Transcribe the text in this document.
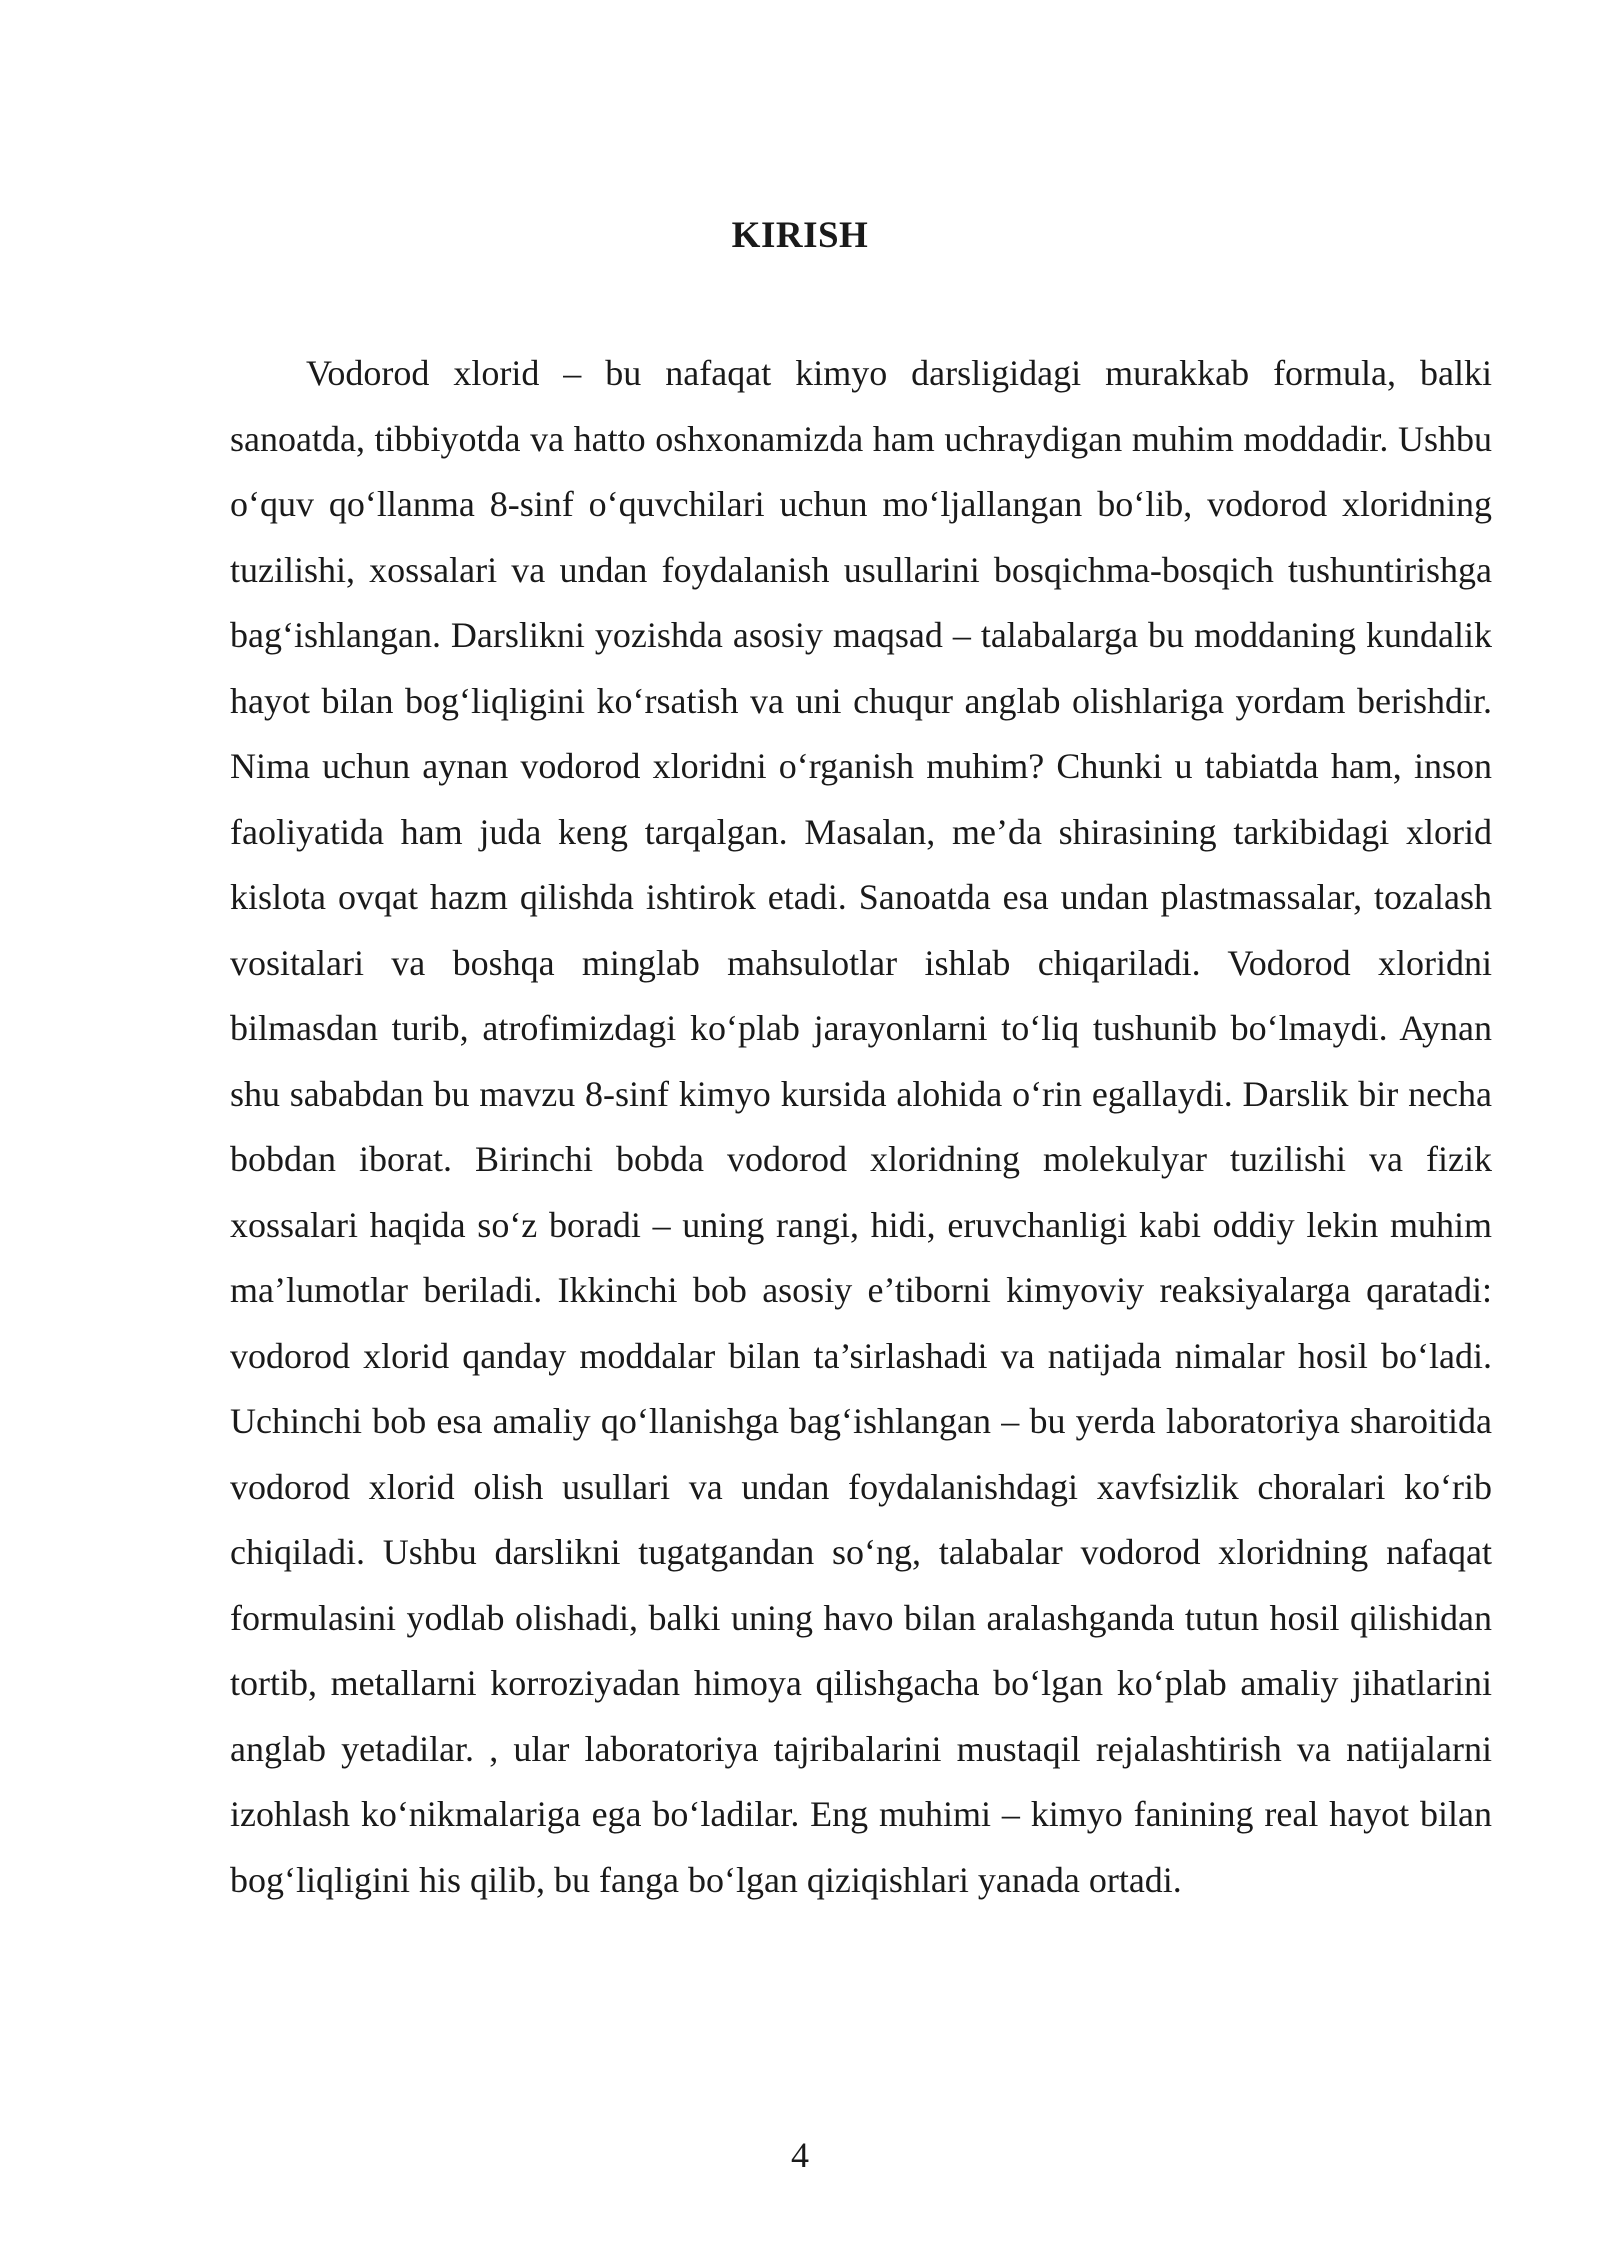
KIRISH

Vodorod xlorid – bu nafaqat kimyo darsligidagi murakkab formula, balki sanoatda, tibbiyotda va hatto oshxonamizda ham uchraydigan muhim moddadir. Ushbu o‘quv qo‘llanma 8-sinf o‘quvchilari uchun mo‘ljallangan bo‘lib, vodorod xloridning tuzilishi, xossalari va undan foydalanish usullarini bosqichma-bosqich tushuntirishga bag‘ishlangan. Darslikni yozishda asosiy maqsad – talabalarga bu moddaning kundalik hayot bilan bog‘liqligini ko‘rsatish va uni chuqur anglab olishlariga yordam berishdir. Nima uchun aynan vodorod xloridni o‘rganish muhim? Chunki u tabiatda ham, inson faoliyatida ham juda keng tarqalgan. Masalan, me’da shirasining tarkibidagi xlorid kislota ovqat hazm qilishda ishtirok etadi. Sanoatda esa undan plastmassalar, tozalash vositalari va boshqa minglab mahsulotlar ishlab chiqariladi. Vodorod xloridni bilmasdan turib, atrofimizdagi ko‘plab jarayonlarni to‘liq tushunib bo‘lmaydi. Aynan shu sababdan bu mavzu 8-sinf kimyo kursida alohida o‘rin egallaydi. Darslik bir necha bobdan iborat. Birinchi bobda vodorod xloridning molekulyar tuzilishi va fizik xossalari haqida so‘z boradi – uning rangi, hidi, eruvchanligi kabi oddiy lekin muhim ma’lumotlar beriladi. Ikkinchi bob asosiy e’tiborni kimyoviy reaksiyalarga qaratadi: vodorod xlorid qanday moddalar bilan ta’sirlashadi va natijada nimalar hosil bo‘ladi. Uchinchi bob esa amaliy qo‘llanishga bag‘ishlangan – bu yerda laboratoriya sharoitida vodorod xlorid olish usullari va undan foydalanishdagi xavfsizlik choralari ko‘rib chiqiladi. Ushbu darslikni tugatgandan so‘ng, talabalar vodorod xloridning nafaqat formulasini yodlab olishadi, balki uning havo bilan aralashganda tutun hosil qilishidan tortib, metallarni korroziyadan himoya qilishgacha bo‘lgan ko‘plab amaliy jihatlarini anglab yetadilar. , ular laboratoriya tajribalarini mustaqil rejalashtirish va natijalarni izohlash ko‘nikmalariga ega bo‘ladilar. Eng muhimi – kimyo fanining real hayot bilan bog‘liqligini his qilib, bu fanga bo‘lgan qiziqishlari yanada ortadi.

4
